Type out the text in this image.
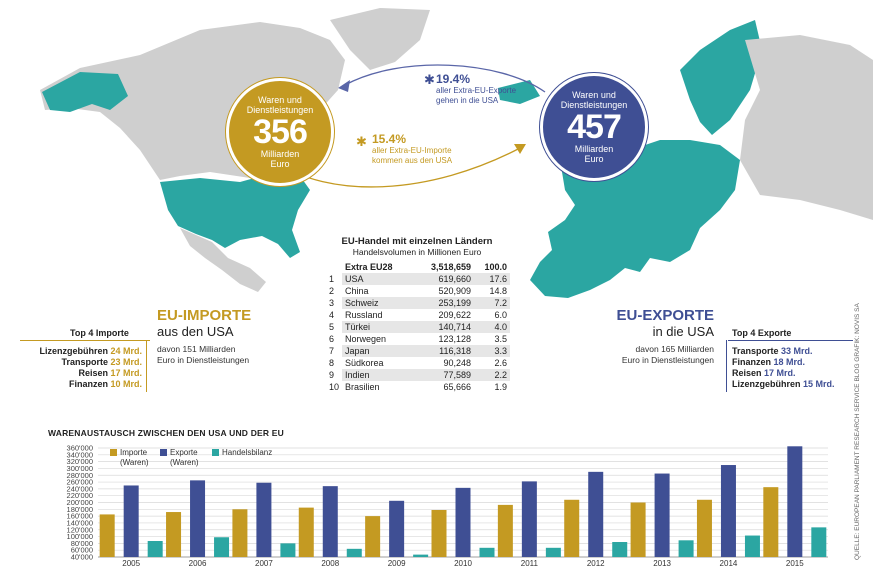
✱
✱
Waren und Dienstleistungen
356
Milliarden Euro
Waren und Dienstleistungen
457
Milliarden Euro
19.4%
aller Extra-EU-Exporte
gehen in die USA
15.4%
aller Extra-EU-Importe
kommen aus den USA
EU-IMPORTE
aus den USA
davon 151 Milliarden
Euro in Dienstleistungen
Top 4 Importe
Lizenzgebühren 24 Mrd.
Transporte 23 Mrd.
Reisen 17 Mrd.
Finanzen 10 Mrd.
EU-EXPORTE
in die USA
davon 165 Milliarden
Euro in Dienstleistungen
Top 4 Exporte
Transporte 33 Mrd.
Finanzen 18 Mrd.
Reisen 17 Mrd.
Lizenzgebühren 15 Mrd.
EU-Handel mit einzelnen Ländern
Handelsvolumen in Millionen Euro
	Extra EU28	3,518,659	100.0
1	USA	619,660	17.6
2	China	520,909	14.8
3	Schweiz	253,199	7.2
4	Russland	209,622	6.0
5	Türkei	140,714	4.0
6	Norwegen	123,128	3.5
7	Japan	116,318	3.3
8	Südkorea	90,248	2.6
9	Indien	77,589	2.2
10	Brasilien	65,666	1.9
WARENAUSTAUSCH ZWISCHEN DEN USA UND DER EU
360'000
340'000
320'000
300'000
280'000
260'000
240'000
220'000
200'000
180'000
160'000
140'000
120'000
100'000
80'000
60'000
40'000
2005	2006	2007	2008	2009	2010	2011	2012	2013	2014	2015
Importe
(Waren)
Exporte
(Waren)
Handelsbilanz	QUELLE: EUROPEAN PARLIAMENT RESEARCH SERVICE BLOG GRAFIK: NOVIS SA
